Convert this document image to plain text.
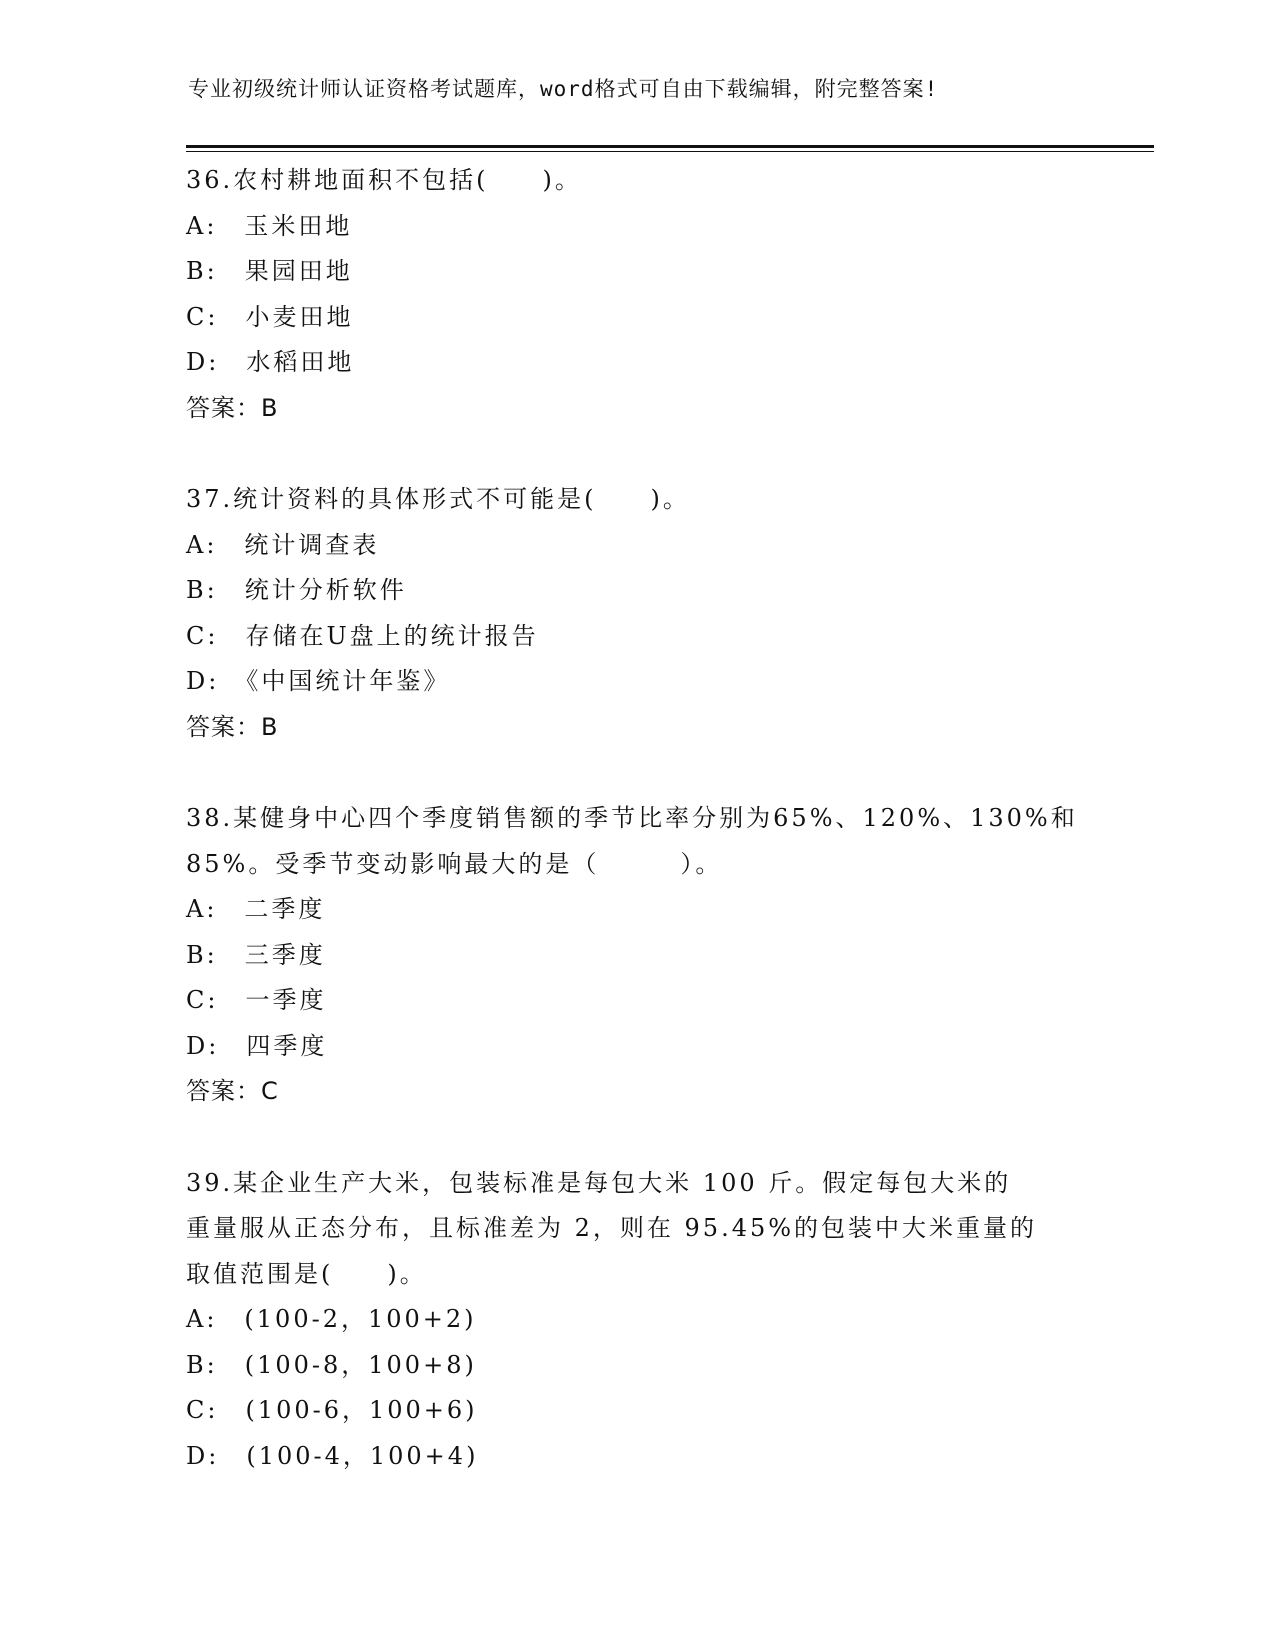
专业初级统计师认证资格考试题库，word格式可自由下载编辑，附完整答案!
36.农村耕地面积不包括(　　)。
A:　玉米田地
B:　果园田地
C:　小麦田地
D:　水稻田地
答案：B
37.统计资料的具体形式不可能是(　　)。
A:　统计调查表
B:　统计分析软件
C:　存储在U盘上的统计报告
D:　《中国统计年鉴》
答案：B
38.某健身中心四个季度销售额的季节比率分别为65%、120%、130%和
85%。受季节变动影响最大的是（　　　）。
A:　二季度
B:　三季度
C:　一季度
D:　四季度
答案：C
39.某企业生产大米，包装标准是每包大米 100 斤。假定每包大米的
重量服从正态分布，且标准差为 2，则在 95.45%的包装中大米重量的
取值范围是(　　)。
A:　(100-2，100+2)
B:　(100-8，100+8)
C:　(100-6，100+6)
D:　(100-4，100+4)
